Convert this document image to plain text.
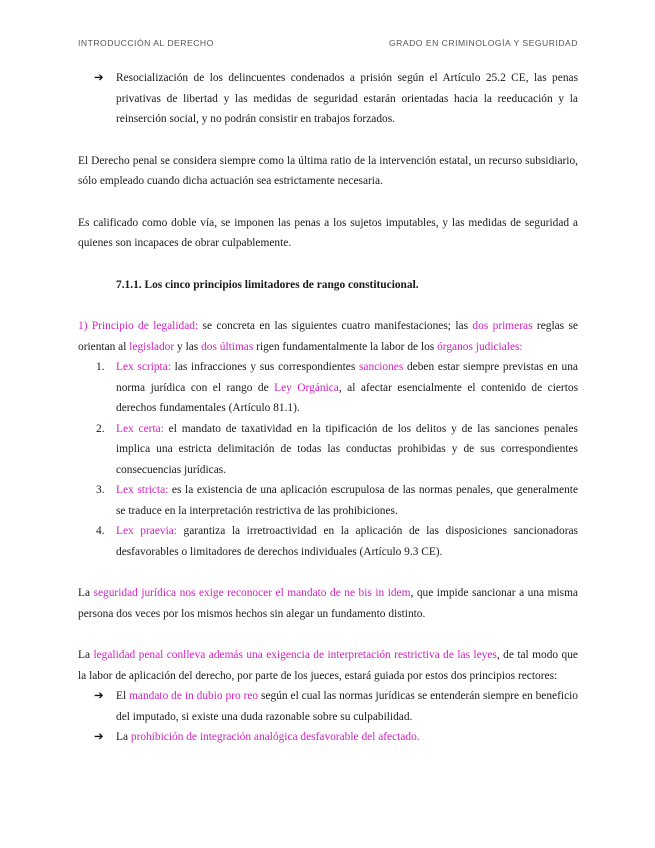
INTRODUCCIÓN AL DERECHO	GRADO EN CRIMINOLOGÍA Y SEGURIDAD

➔ Resocialización de los delincuentes condenados a prisión según el Artículo 25.2 CE, las penas privativas de libertad y las medidas de seguridad estarán orientadas hacia la reeducación y la reinserción social, y no podrán consistir en trabajos forzados.

El Derecho penal se considera siempre como la última ratio de la intervención estatal, un recurso subsidiario, sólo empleado cuando dicha actuación sea estrictamente necesaria.

Es calificado como doble vía, se imponen las penas a los sujetos imputables, y las medidas de seguridad a quienes son incapaces de obrar culpablemente.

7.1.1. Los cinco principios limitadores de rango constitucional.

1) Principio de legalidad: se concreta en las siguientes cuatro manifestaciones; las dos primeras reglas se orientan al legislador y las dos últimas rigen fundamentalmente la labor de los órganos judiciales:

1. Lex scripta: las infracciones y sus correspondientes sanciones deben estar siempre previstas en una norma jurídica con el rango de Ley Orgánica, al afectar esencialmente el contenido de ciertos derechos fundamentales (Artículo 81.1).

2. Lex certa: el mandato de taxatividad en la tipificación de los delitos y de las sanciones penales implica una estricta delimitación de todas las conductas prohibidas y de sus correspondientes consecuencias jurídicas.

3. Lex stricta: es la existencia de una aplicación escrupulosa de las normas penales, que generalmente se traduce en la interpretación restrictiva de las prohibiciones.

4. Lex praevia: garantiza la irretroactividad en la aplicación de las disposiciones sancionadoras desfavorables o limitadores de derechos individuales (Artículo 9.3 CE).

La seguridad jurídica nos exige reconocer el mandato de ne bis in idem, que impide sancionar a una misma persona dos veces por los mismos hechos sin alegar un fundamento distinto.

La legalidad penal conlleva además una exigencia de interpretación restrictiva de las leyes, de tal modo que la labor de aplicación del derecho, por parte de los jueces, estará guiada por estos dos principios rectores:

➔ El mandato de in dubio pro reo según el cual las normas jurídicas se entenderán siempre en beneficio del imputado, si existe una duda razonable sobre su culpabilidad.

➔ La prohibición de integración analógica desfavorable del afectado.
